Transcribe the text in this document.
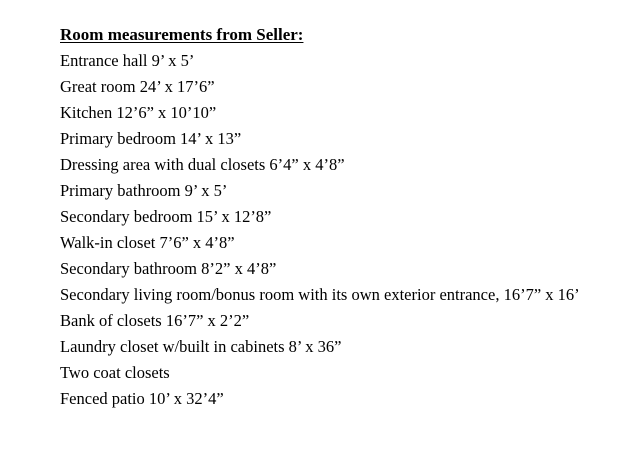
Room measurements from Seller:
Entrance hall 9’ x 5’
Great room 24’ x 17’6”
Kitchen 12’6” x 10’10”
Primary bedroom 14’ x 13”
Dressing area with dual closets 6’4” x 4’8”
Primary bathroom 9’ x 5’
Secondary bedroom 15’ x 12’8”
Walk-in closet 7’6” x 4’8”
Secondary bathroom 8’2” x 4’8”
Secondary living room/bonus room with its own exterior entrance, 16’7” x 16’
Bank of closets 16’7” x 2’2”
Laundry closet w/built in cabinets 8’ x 36”
Two coat closets
Fenced patio 10’ x 32’4”
